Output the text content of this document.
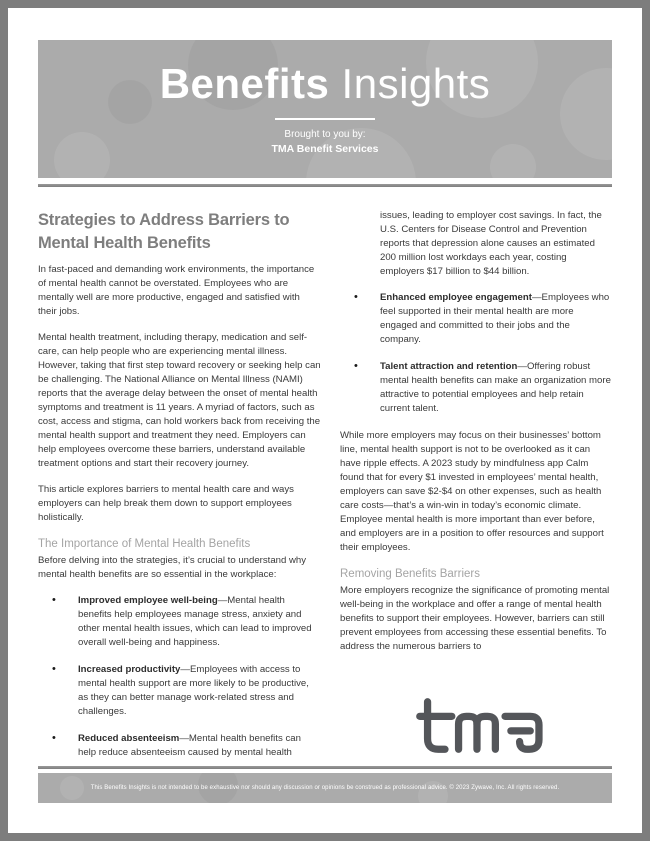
Benefits Insights
Brought to you by:
TMA Benefit Services
Strategies to Address Barriers to Mental Health Benefits

In fast-paced and demanding work environments, the importance of mental health cannot be overstated. Employees who are mentally well are more productive, engaged and satisfied with their jobs.

Mental health treatment, including therapy, medication and self-care, can help people who are experiencing mental illness. However, taking that first step toward recovery or seeking help can be challenging. The National Alliance on Mental Illness (NAMI) reports that the average delay between the onset of mental health symptoms and treatment is 11 years. A myriad of factors, such as cost, access and stigma, can hold workers back from receiving the mental health support and treatment they need. Employers can help employees overcome these barriers, understand available treatment options and start their recovery journey.

This article explores barriers to mental health care and ways employers can help break them down to support employees holistically.

The Importance of Mental Health Benefits

Before delving into the strategies, it’s crucial to understand why mental health benefits are so essential in the workplace:

• Improved employee well-being—Mental health benefits help employees manage stress, anxiety and other mental health issues, which can lead to improved overall well-being and happiness.
• Increased productivity—Employees with access to mental health support are more likely to be productive, as they can better manage work-related stress and challenges.
• Reduced absenteeism—Mental health benefits can help reduce absenteeism caused by mental health

issues, leading to employer cost savings. In fact, the U.S. Centers for Disease Control and Prevention reports that depression alone causes an estimated 200 million lost workdays each year, costing employers $17 billion to $44 billion.

• Enhanced employee engagement—Employees who feel supported in their mental health are more engaged and committed to their jobs and the company.
• Talent attraction and retention—Offering robust mental health benefits can make an organization more attractive to potential employees and help retain current talent.

While more employers may focus on their businesses’ bottom line, mental health support is not to be overlooked as it can have ripple effects. A 2023 study by mindfulness app Calm found that for every $1 invested in employees’ mental health, employers can save $2-$4 on other expenses, such as health care costs—that’s a win-win in today’s economic climate. Employee mental health is more important than ever before, and employers are in a position to offer resources and support their employees.

Removing Benefits Barriers

More employers recognize the significance of promoting mental well-being in the workplace and offer a range of mental health benefits to support their employees. However, barriers can still prevent employees from accessing these essential benefits. To address the numerous barriers to

This Benefits Insights is not intended to be exhaustive nor should any discussion or opinions be construed as professional advice. © 2023 Zywave, Inc. All rights reserved.
